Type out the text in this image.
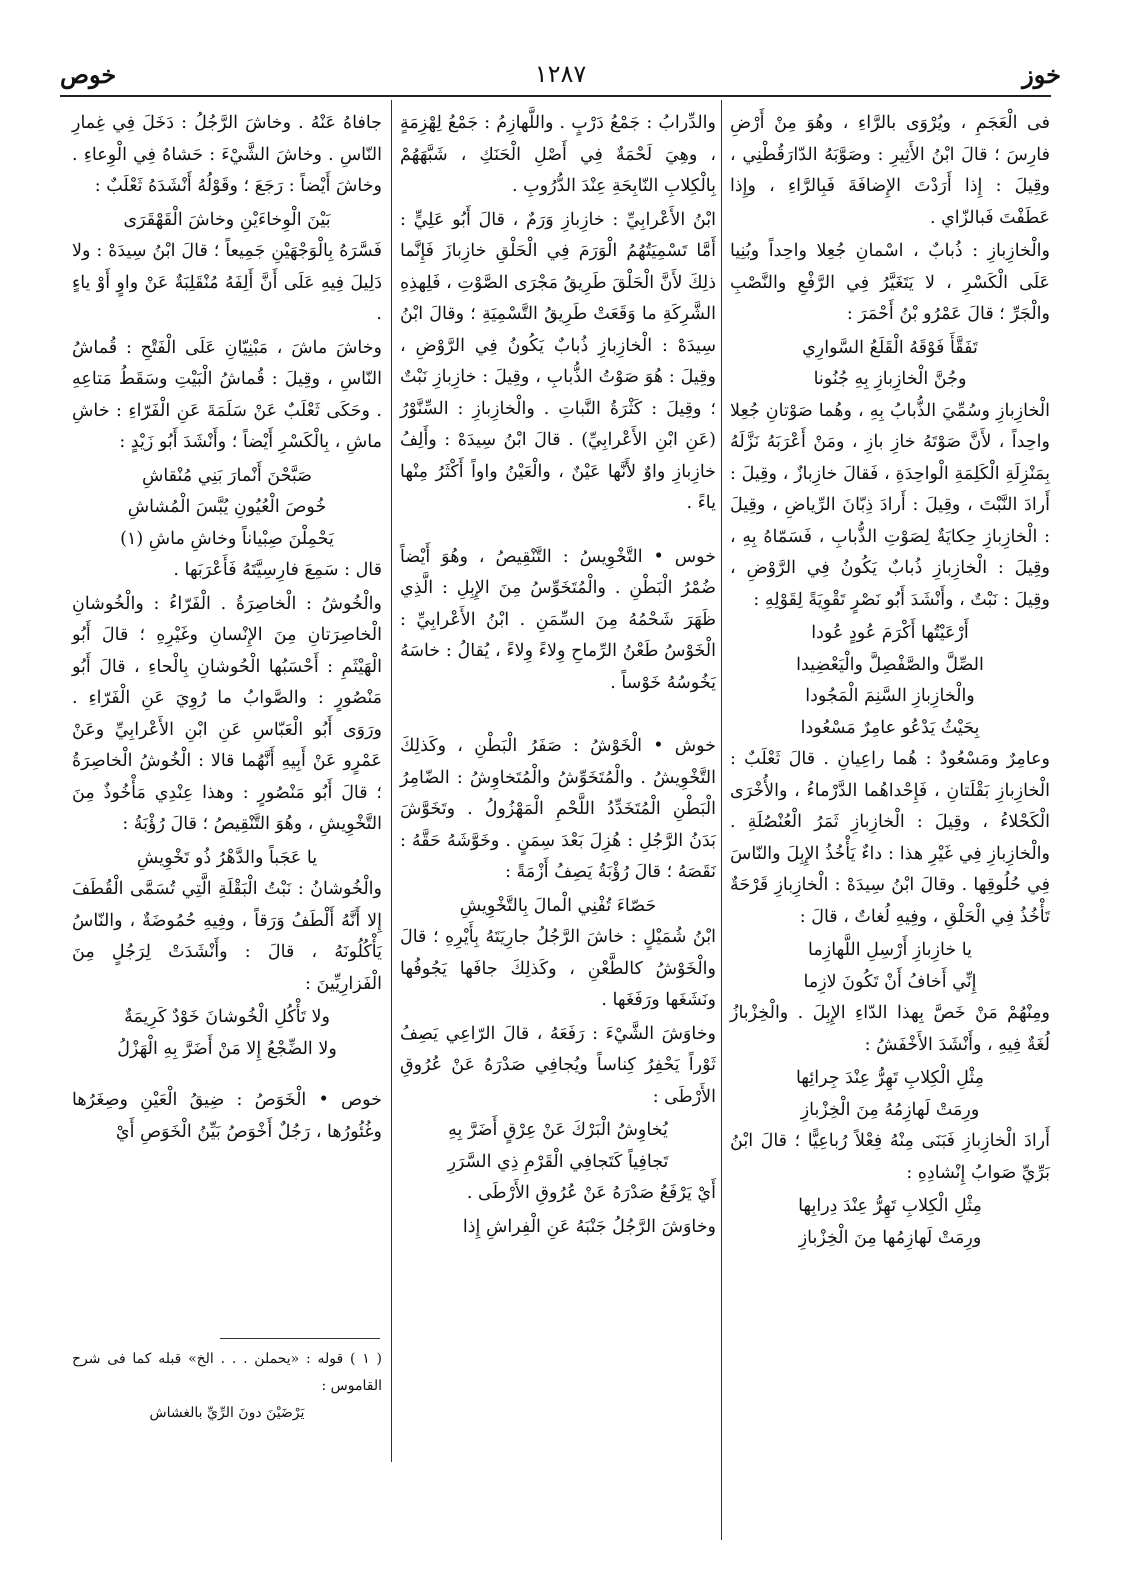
خوز
١٢٨٧
خوص

فى الْعَجَمِ ، ويُرْوَى بالرَّاءِ ، وهُوَ مِنْ أَرْضِ فارِسَ ؛ قالَ ابْنُ الأَثِيرِ : وصَوَّبَهُ الدّارَقُطْنِي ، وقِيلَ : إِذا أَرَدْتَ الإِضافَةَ فَبِالرَّاءِ ، وإِذا عَطَفْتَ فَبالزّاي .

والْخازِبازِ : ذُبابٌ ، اسْمانِ جُعِلا واحِداً وبُنِيا عَلَى الْكَسْرِ ، لا يَتَغَيَّرُ فِي الرَّفْعِ والنَّصْبِ والْجَرِّ ؛ قالَ عَمْرُو بْنُ أَحْمَرَ :

تَفَقَّأَ فَوْقَهُ الْقَلَعُ السَّوارِي

وجُنَّ الْخازِبازِ بِهِ جُنُونا

الْخازِبازِ وسُمِّيَ الذُّبابُ بِهِ ، وهُما صَوْتانِ جُعِلا واحِداً ، لأَنَّ صَوْتَهُ خازِ بازِ ، ومَنْ أَعْرَبَهُ نَزَّلَهُ بِمَنْزِلَةِ الْكَلِمَةِ الْواحِدَةِ ، فَقالَ خازِبازٌ ، وقِيلَ : أَرادَ النَّبْتَ ، وقِيلَ : أَرادَ ذِبّانَ الرِّياضِ ، وقِيلَ : الْخازِبازِ حِكايَةٌ لِصَوْتِ الذُّبابِ ، فَسَمّاهُ بِهِ ، وقِيلَ : الْخازِبازِ ذُبابٌ يَكُونُ فِي الرَّوْضِ ، وقِيلَ : نَبْتٌ ، وأَنْشَدَ أَبُو نَصْرٍ تَقْوِيَةً لِقَوْلِهِ :

أَرْعَيْتُها أَكْرَمَ عُودٍ عُودا

الصِّلَّ والصَّفْصِلَّ والْيَعْضِيدا

والْخازِبازِ السَّنِمَ الْمَجُودا

بِحَيْثُ يَدْعُو عامِرٌ مَسْعُودا

وعامِرٌ ومَسْعُودٌ : هُما راعِيانِ . قالَ ثَعْلَبٌ : الْخازِبازِ بَقْلَتانِ ، فَإِحْداهُما الدَّرْماءُ ، والأُخْرَى الْكَحْلاءُ ، وقِيلَ : الْخازِبازِ ثَمَرُ الْعُنْصُلَةِ . والْخازِبازِ فِي غَيْرِ هذا : داءٌ يَأْخُذُ الإِبِلَ والنّاسَ فِي حُلُوقِها . وقالَ ابْنُ سِيدَهْ : الْخازِبازِ قَرْحَةٌ تَأْخُذُ فِي الْحَلْقِ ، وفِيهِ لُغاتٌ ، قالَ :

يا خازِبازِ أَرْسِلِ اللَّهازِما

إِنِّي أَخافُ أَنْ تَكُونَ لازِما

ومِنْهُمْ مَنْ خَصَّ بِهذا الدّاءِ الإِبِلَ . والْخِزْبازُ لُغَةٌ فِيهِ ، وأَنْشَدَ الأَخْفَشُ :

مِثْلِ الْكِلابِ تَهِرُّ عِنْدَ جِرائِها

ورِمَتْ لَهازِمُهُ مِنَ الْخِزْبازِ

أَرادَ الْخازِبازِ فَبَنَى مِنْهُ فِعْلاً رُباعِيًّا ؛ قالَ ابْنُ بَرِّيِّ صَوابُ إِنْشادِهِ :

مِثْلِ الْكِلابِ تَهِرُّ عِنْدَ دِرابِها

ورِمَتْ لَهازِمُها مِنَ الْخِزْبازِ

والدِّرابُ : جَمْعُ دَرْبٍ . واللَّهازِمُ : جَمْعُ لِهْزِمَةٍ ، وهِيَ لَحْمَةٌ فِي أَصْلِ الْحَنَكِ ، شَبَّهَهُمْ بِالْكِلابِ النّابِحَةِ عِنْدَ الدُّرُوبِ .

ابْنُ الأَعْرابِيِّ : خازِبازِ وَرَمٌ ، قالَ أَبُو عَلِيٍّ : أَمَّا تَسْمِيَتُهُمُ الْوَرَمَ فِي الْحَلْقِ خازِبازَ فَإِنَّما ذلِكَ لأَنَّ الْحَلْقَ طَرِيقُ مَجْرَى الصَّوْتِ ، فَلِهذِهِ الشَّرِكَةِ ما وَقَعَتْ طَرِيقُ التَّسْمِيَةِ ؛ وقالَ ابْنُ سِيدَهْ : الْخازِبازِ ذُبابٌ يَكُونُ فِي الرَّوْضِ ، وقِيلَ : هُوَ صَوْتُ الذُّبابِ ، وقِيلَ : خازِبازِ نَبْتٌ ؛ وقِيلَ : كَثْرَةُ النَّباتِ . والْخازِبازِ : السِّنَّوْرُ (عَنِ ابْنِ الأَعْرابِيِّ) . قالَ ابْنُ سِيدَهْ : وأَلِفُ خازِبازِ واوٌ لأَنَّها عَيْنٌ ، والْعَيْنُ واواً أَكْثَرُ مِنْها ياءً .

خوس • التَّخْوِيسُ : التَّنْقِيصُ ، وهُوَ أَيْضاً ضُمْرُ الْبَطْنِ . والْمُتَخَوِّسُ مِنَ الإِبِلِ : الَّذِي ظَهَرَ شَحْمُهُ مِنَ السِّمَنِ . ابْنُ الأَعْرابِيِّ : الْخَوْسُ طَعْنُ الرِّماحِ وِلاءً وِلاءً ، يُقالُ : خاسَهُ يَخُوسُهُ خَوْساً .

خوش • الْخَوْشُ : صَفَرُ الْبَطْنِ ، وكَذلِكَ التَّخْوِيشُ . والْمُتَخَوِّشُ والْمُتَخاوِشُ : الضّامِرُ الْبَطْنِ الْمُتَخَدِّدُ اللَّحْمِ الْمَهْزُولُ . وتَخَوَّشَ بَدَنُ الرَّجُلِ : هُزِلَ بَعْدَ سِمَنٍ . وخَوَّشَهُ حَقَّهُ : نَقَصَهُ ؛ قالَ رُؤْبَةُ يَصِفُ أَزْمَةً :

حَصّاءَ تُفْنِي الْمالَ بِالتَّخْوِيشِ

ابْنُ شُمَيْلٍ : خاشَ الرَّجُلُ جارِيَتَهُ بِأَيْرِهِ ؛ قالَ والْخَوْشُ كالطَّعْنِ ، وكَذلِكَ جافَها يَجُوفُها ونَشَغَها ورَفَغَها .

وخاوَشَ الشَّيْءَ : رَفَعَهُ ، قالَ الرّاعِي يَصِفُ ثَوْراً يَحْفِرُ كِناساً ويُجافِي صَدْرَهُ عَنْ عُرُوقِ الأَرْطَى :

يُخاوِشُ الْبَرْكَ عَنْ عِرْقٍ أَضَرَّ بِهِ

تَجافِياً كَتَجافِي الْقَرْمِ ذِي السَّرَرِ

أَيْ يَرْفَعُ صَدْرَهُ عَنْ عُرُوقِ الأَرْطَى .

وخاوَشَ الرَّجُلُ جَنْبَهُ عَنِ الْفِراشِ إِذا

جافاهُ عَنْهُ . وخاشَ الرَّجُلُ : دَخَلَ فِي غِمارِ النّاسِ . وخاشَ الشَّيْءَ : حَشاهُ فِي الْوِعاءِ . وخاشَ أَيْضاً : رَجَعَ ؛ وقَوْلُهُ أَنْشَدَهُ ثَعْلَبٌ :

بَيْنَ الْوِخاءَيْنِ وخاشَ الْقَهْقَرَى

فَسَّرَهُ بِالْوَجْهَيْنِ جَمِيعاً ؛ قالَ ابْنُ سِيدَهْ : ولا دَلِيلَ فِيهِ عَلَى أَنَّ أَلِفَهُ مُنْقَلِبَةٌ عَنْ واوٍ أَوْ ياءٍ .

وخاشَ ماشَ ، مَبْنِيّانِ عَلَى الْفَتْحِ : قُماشُ النّاسِ ، وقِيلَ : قُماشُ الْبَيْتِ وسَقَطُ مَتاعِهِ . وحَكَى ثَعْلَبٌ عَنْ سَلَمَةَ عَنِ الْفَرّاءِ : خاشِ ماشِ ، بِالْكَسْرِ أَيْضاً ؛ وأَنْشَدَ أَبُو زَيْدٍ :

صَبَّحْنَ أَنْمارَ بَنِي مُنْقاشِ

خُوصَ الْعُيُونِ يُبَّسَ الْمُشاشِ

يَحْمِلْنَ صِبْياناً وخاشِ ماشِ (١)

قال : سَمِعَ فارِسِيَّتَهُ فَأَعْرَبَها .

والْخُوشُ : الْخاصِرَةُ . الْفَرّاءُ : والْخُوشانِ الْخاصِرَتانِ مِنَ الإِنْسانِ وغَيْرِهِ ؛ قالَ أَبُو الْهَيْثَمِ : أَحْسَبُها الْحُوشانِ بِالْحاءِ ، قالَ أَبُو مَنْصُورٍ : والصَّوابُ ما رُوِيَ عَنِ الْفَرّاءِ . ورَوَى أَبُو الْعَبّاسِ عَنِ ابْنِ الأَعْرابِيِّ وعَنْ عَمْرٍو عَنْ أَبِيهِ أَنَّهُما قالا : الْخُوشُ الْخاصِرَةُ ؛ قالَ أَبُو مَنْصُورٍ : وهذا عِنْدِي مَأْخُوذٌ مِنَ التَّخْوِيشِ ، وهُوَ التَّنْقِيصُ ؛ قالَ رُؤْبَةُ :

يا عَجَباً والدَّهْرُ ذُو تَخْوِيشِ

والْخُوشانُ : نَبْتُ الْبَقْلَةِ الَّتِي تُسَمَّى الْقُطَفَ إِلا أَنَّهُ أَلْطَفُ وَرَقاً ، وفِيهِ حُمُوضَةٌ ، والنّاسُ يَأْكُلُونَهُ ، قالَ : وأَنْشَدَتْ لِرَجُلٍ مِنَ الْفَزارِيِّينَ :

ولا تَأْكُلِ الْخُوشانَ خَوْدٌ كَرِيمَةٌ

ولا الضِّجْعُ إِلا مَنْ أَضَرَّ بِهِ الْهَزْلُ

خوص • الْخَوَصُ : ضِيقُ الْعَيْنِ وصِغَرُها وغُئُورُها ، رَجُلٌ أَخْوَصُ بَيِّنُ الْخَوَصِ أَيْ

( ١ ) قوله : «يحملن . . . الخ» قبله كما فى شرح القاموس :

يَرْضَيْنَ دونَ الرِّيِّ بالغشاش
